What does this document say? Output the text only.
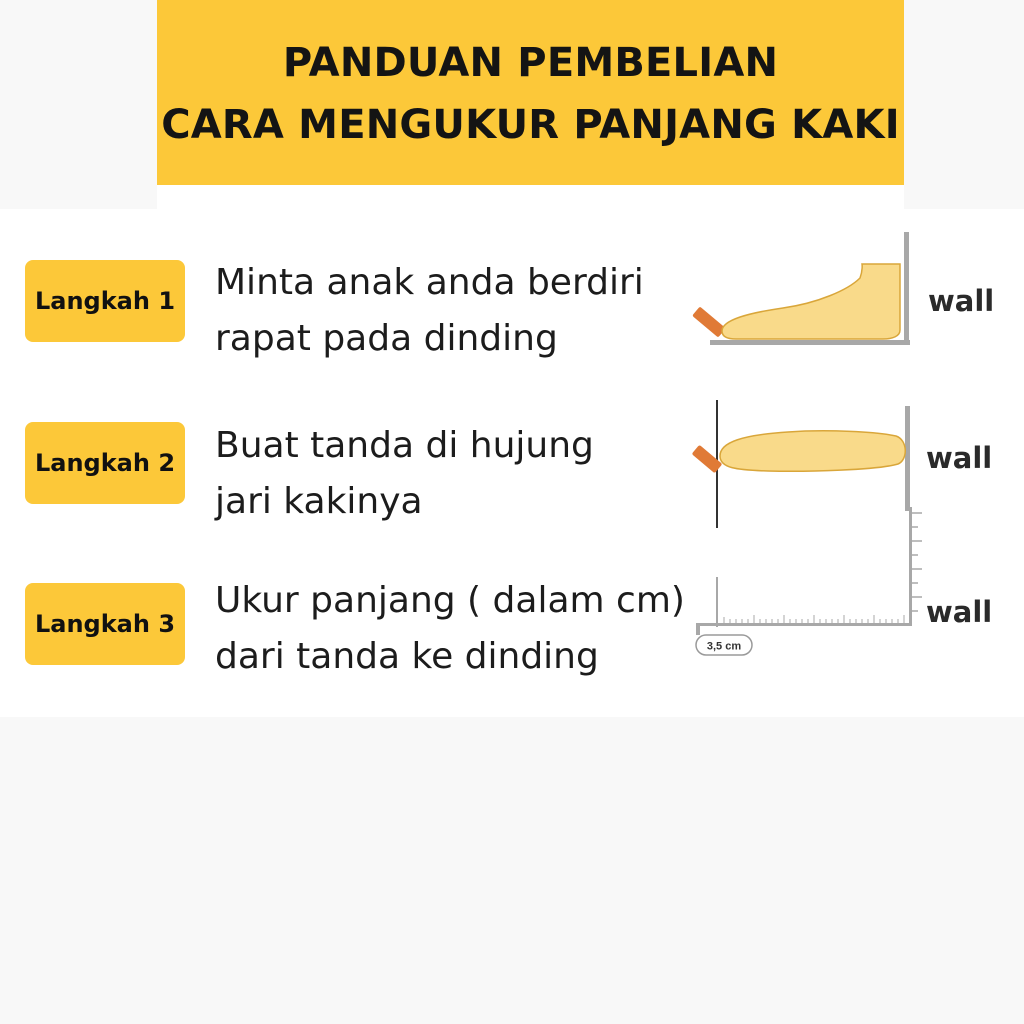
PANDUAN PEMBELIAN
CARA MENGUKUR PANJANG KAKI
Langkah 1 Minta anak anda berdiri
rapat pada dinding
wall
Langkah 2 Buat tanda di hujung
jari kakinya
wall
Langkah 3
Ukur panjang ( dalam cm)
dari tanda ke dinding	3,5 cm
wall
